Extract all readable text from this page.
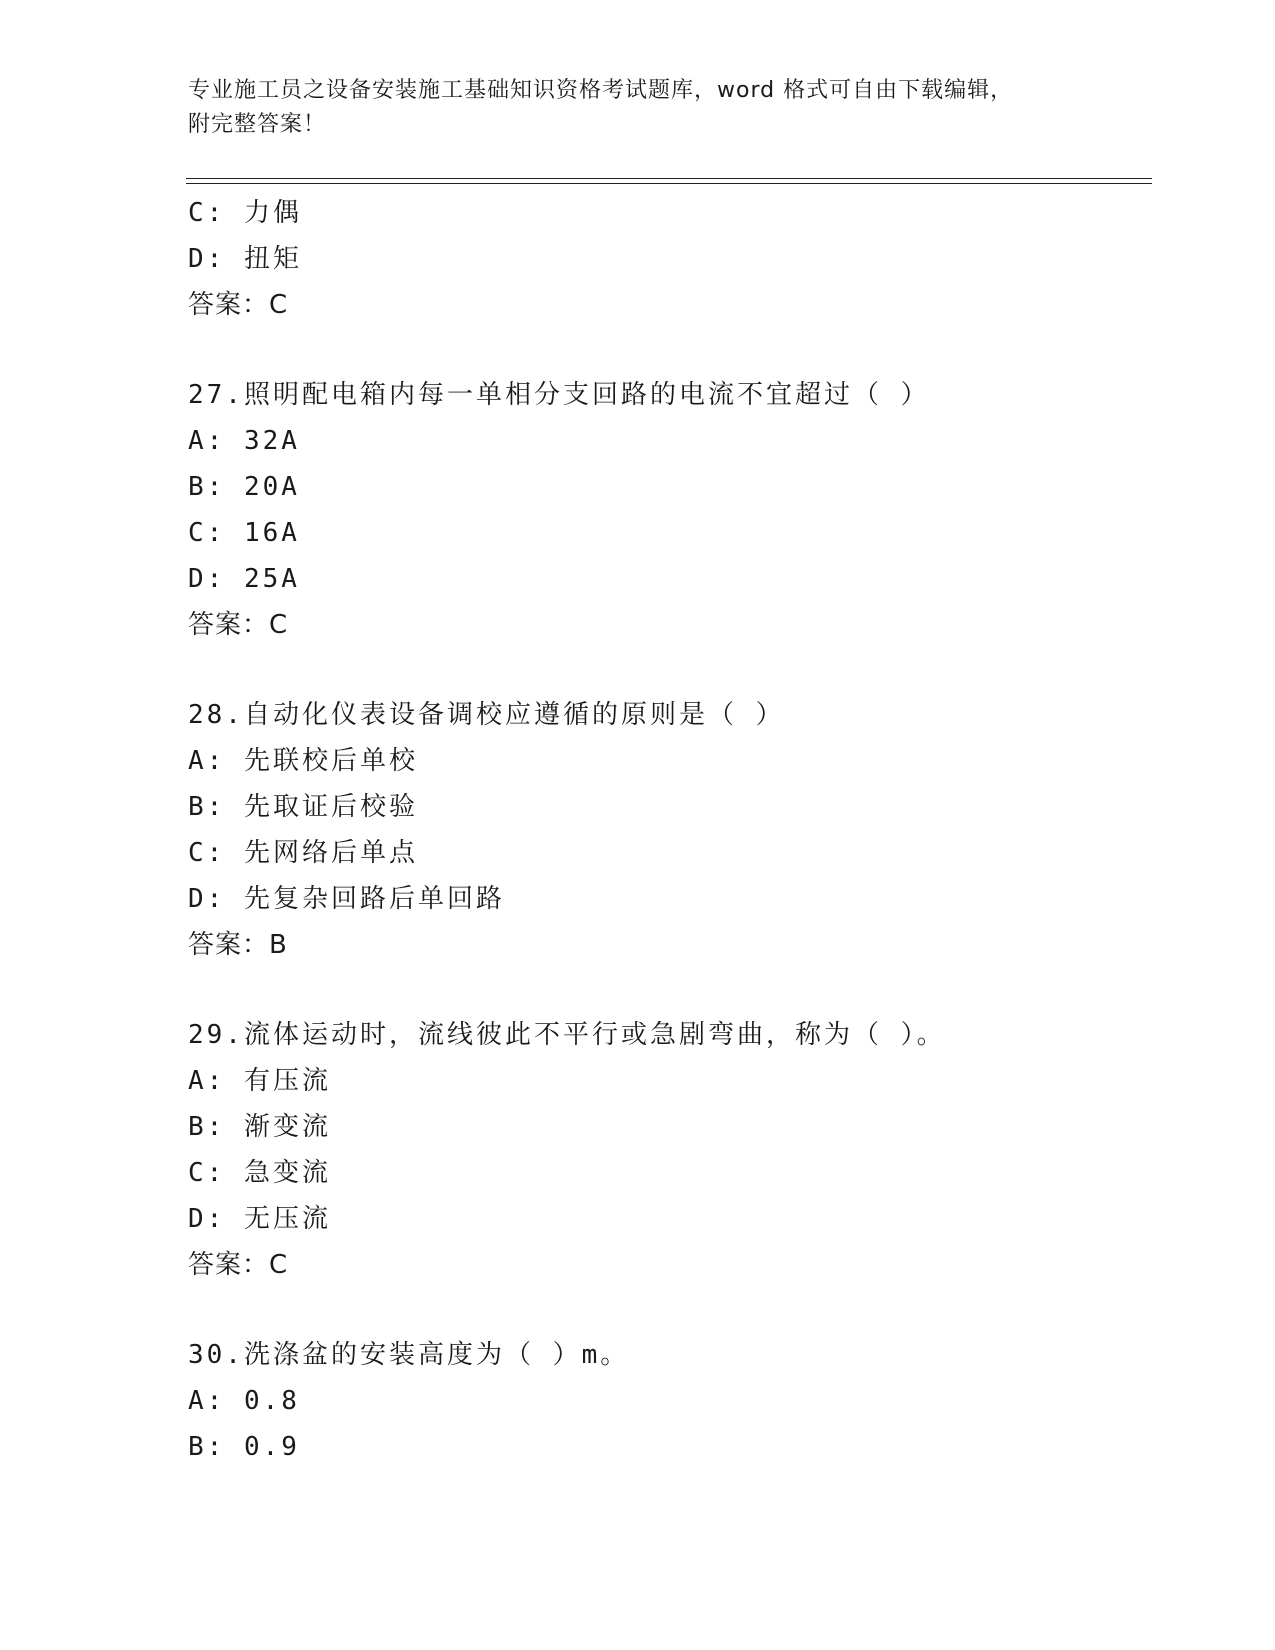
专业施工员之设备安装施工基础知识资格考试题库，word 格式可自由下载编辑，
附完整答案！
C: 力偶
D: 扭矩
答案：C
27.照明配电箱内每一单相分支回路的电流不宜超过（ ）
A: 32A
B: 20A
C: 16A
D: 25A
答案：C
28.自动化仪表设备调校应遵循的原则是（ ）
A: 先联校后单校
B: 先取证后校验
C: 先网络后单点
D: 先复杂回路后单回路
答案：B
29.流体运动时，流线彼此不平行或急剧弯曲，称为（ ）。
A: 有压流
B: 渐变流
C: 急变流
D: 无压流
答案：C
30.洗涤盆的安装高度为（ ）m。
A: 0.8
B: 0.9
